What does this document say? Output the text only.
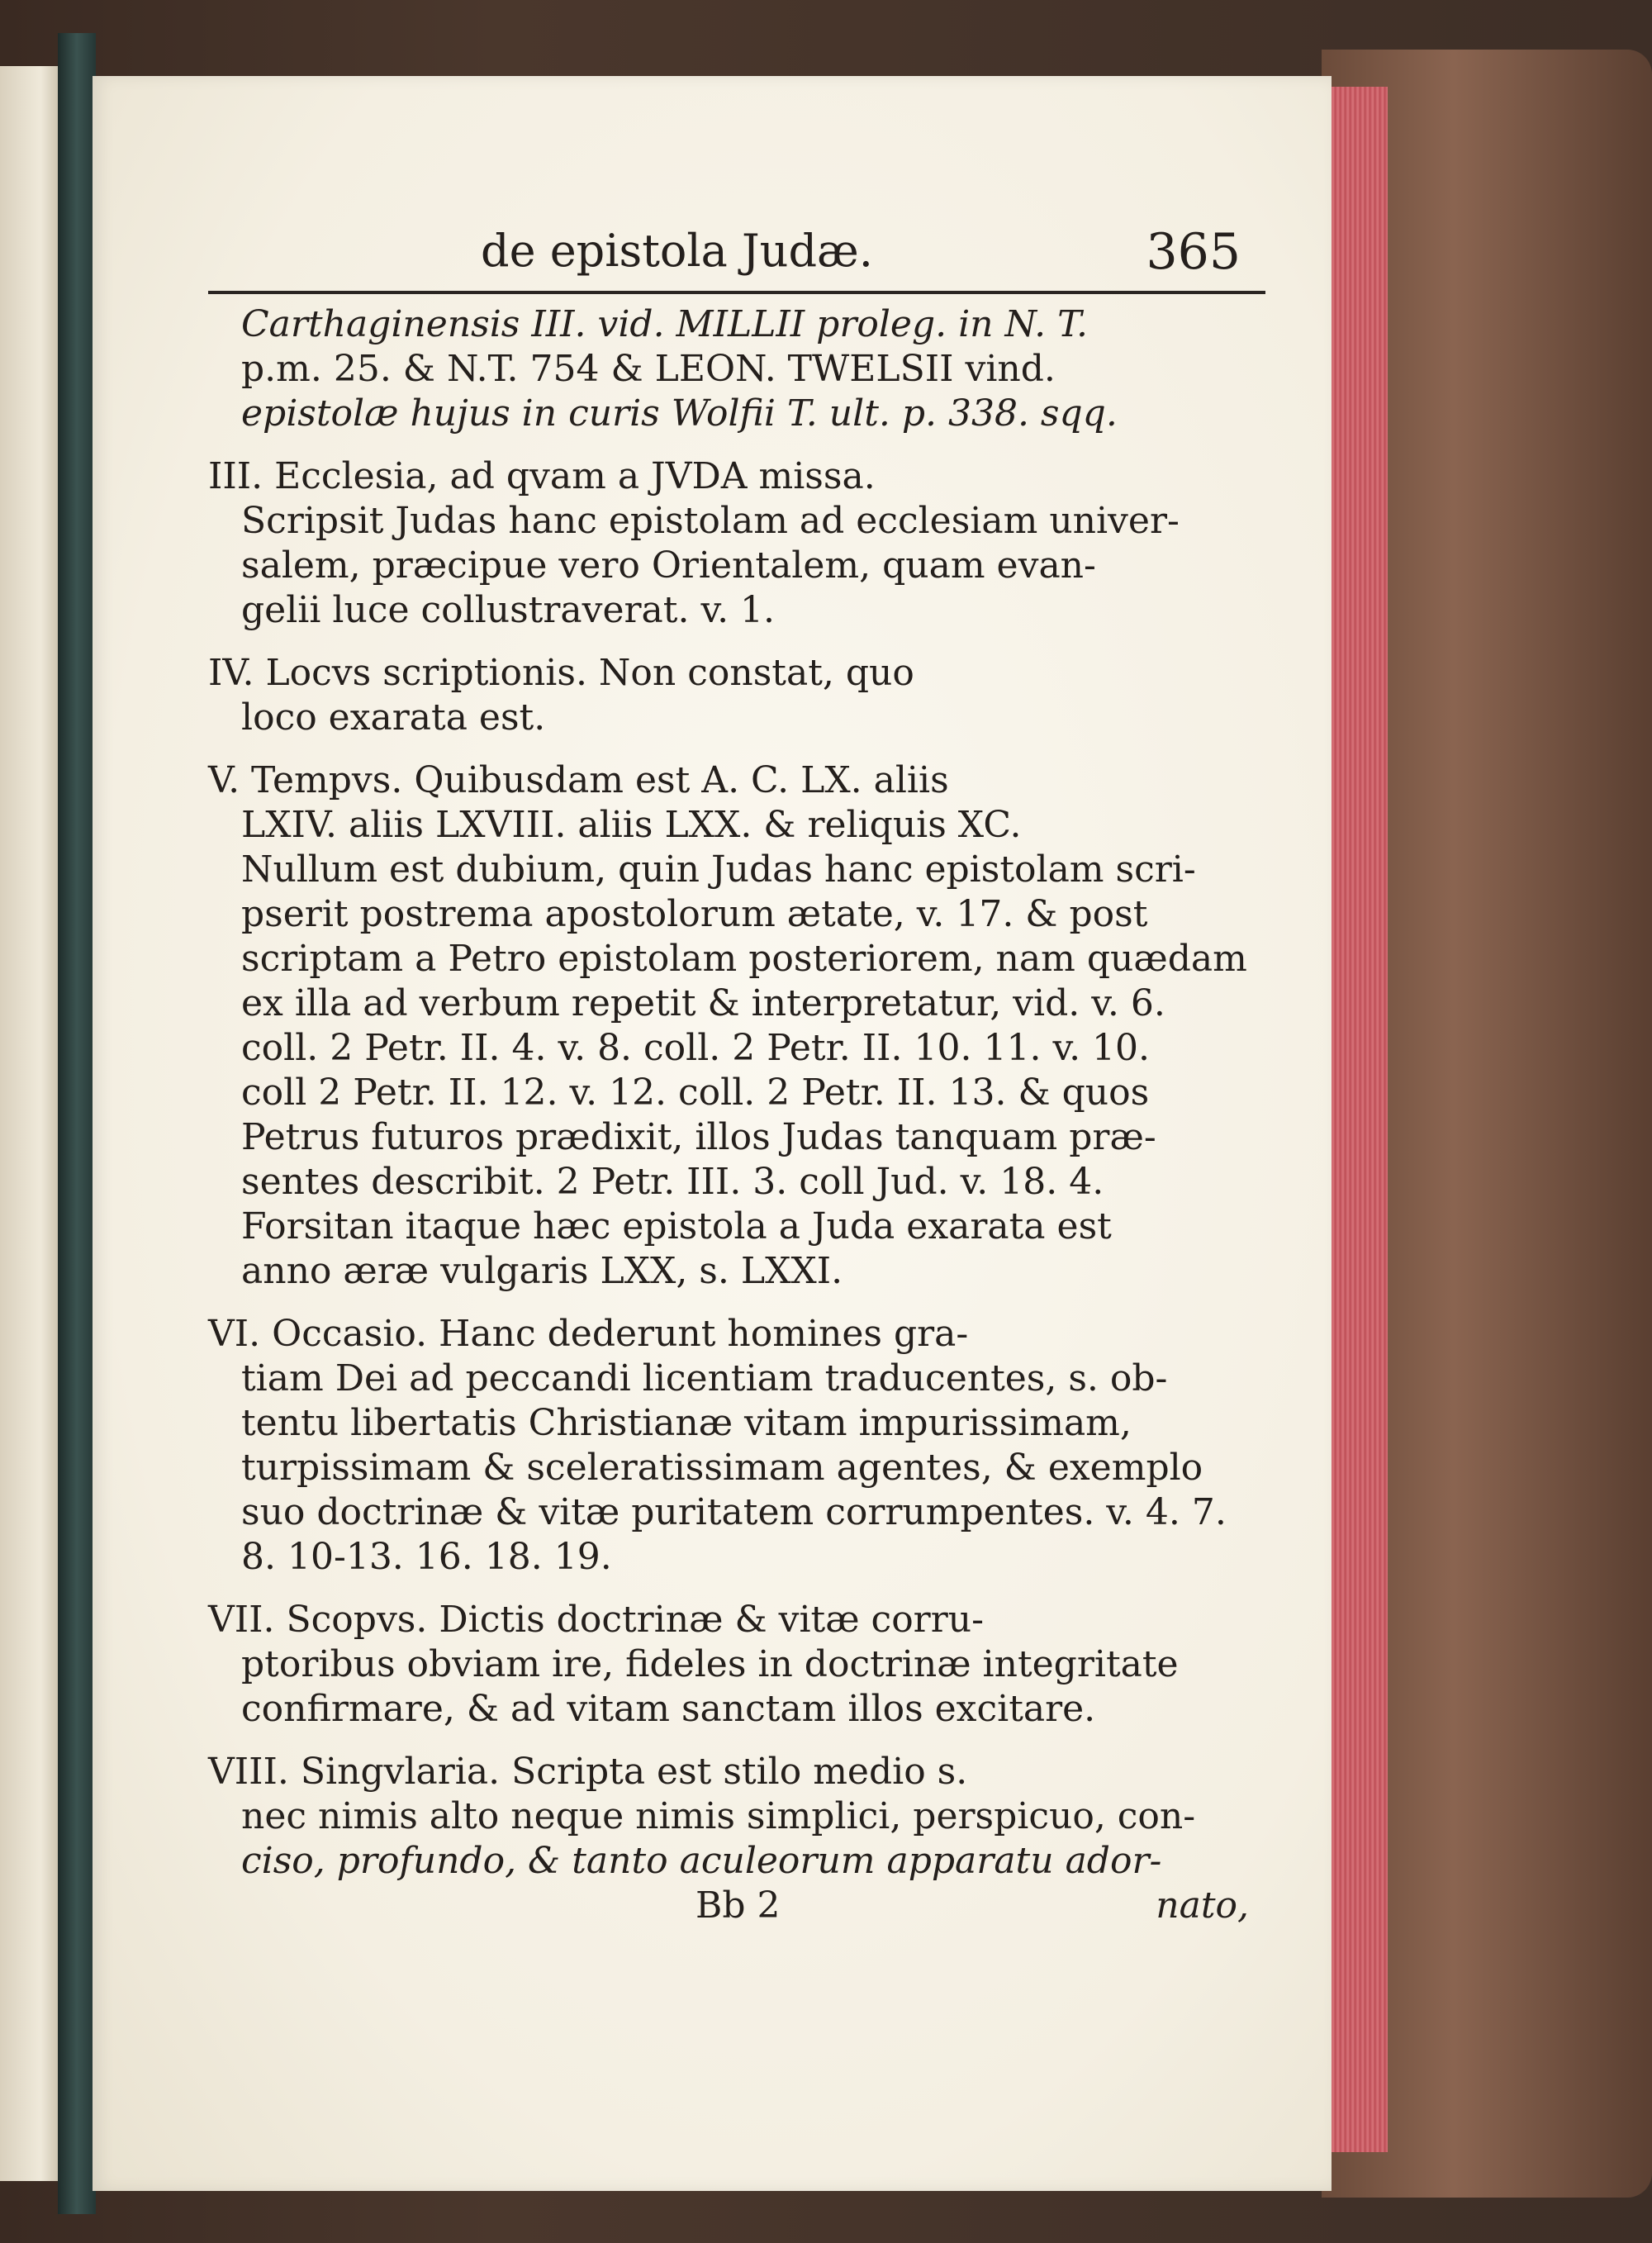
de epistola Judæ.	365
Carthaginensis III. vid. MILLII proleg. in N. T.
p.m. 25. & N.T. 754 & LEON. TWELSII vind.
epistolæ hujus in curis Wolfii T. ult. p. 338. sqq.
III. Ecclesia, ad qvam a JVDA missa.
Scripsit Judas hanc epistolam ad ecclesiam univer-
salem, præcipue vero Orientalem, quam evan-
gelii luce collustraverat. v. 1.
IV. Locvs scriptionis. Non constat, quo
loco exarata est.
V. Tempvs. Quibusdam est A. C. LX. aliis
LXIV. aliis LXVIII. aliis LXX. & reliquis XC.
Nullum est dubium, quin Judas hanc epistolam scri-
pserit postrema apostolorum ætate, v. 17. & post
scriptam a Petro epistolam posteriorem, nam quædam
ex illa ad verbum repetit & interpretatur, vid. v. 6.
coll. 2 Petr. II. 4. v. 8. coll. 2 Petr. II. 10. 11. v. 10.
coll 2 Petr. II. 12. v. 12. coll. 2 Petr. II. 13. & quos
Petrus futuros prædixit, illos Judas tanquam præ-
sentes describit. 2 Petr. III. 3. coll Jud. v. 18. 4.
Forsitan itaque hæc epistola a Juda exarata est
anno æræ vulgaris LXX, s. LXXI.
VI. Occasio. Hanc dederunt homines gra-
tiam Dei ad peccandi licentiam traducentes, s. ob-
tentu libertatis Christianæ vitam impurissimam,
turpissimam & sceleratissimam agentes, & exemplo
suo doctrinæ & vitæ puritatem corrumpentes. v. 4. 7.
8. 10-13. 16. 18. 19.
VII. Scopvs. Dictis doctrinæ & vitæ corru-
ptoribus obviam ire, fideles in doctrinæ integritate
confirmare, & ad vitam sanctam illos excitare.
VIII. Singvlaria. Scripta est stilo medio s.
nec nimis alto neque nimis simplici, perspicuo, con-
ciso, profundo, & tanto aculeorum apparatu ador-
Bb 2	nato,
